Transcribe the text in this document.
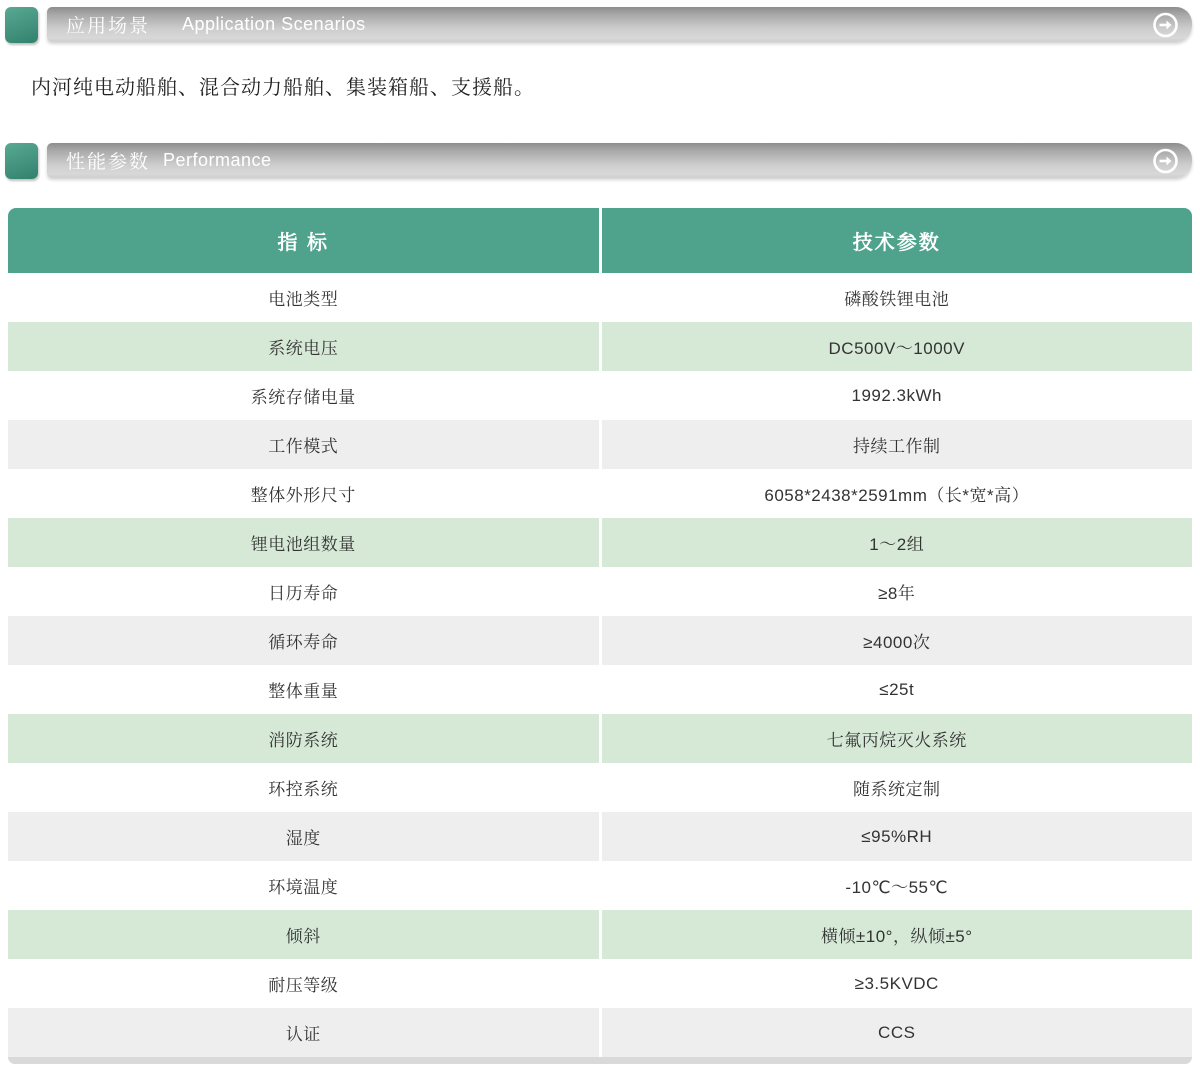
应用场景 Application Scenarios
内河纯电动船舶、混合动力船舶、集装箱船、支援船。
性能参数 Performance
指 标	技术参数
电池类型	磷酸铁锂电池
系统电压	DC500V～1000V
系统存储电量	1992.3kWh
工作模式	持续工作制
整体外形尺寸	6058*2438*2591mm（长*宽*高）
锂电池组数量	1～2组
日历寿命	≥8年
循环寿命	≥4000次
整体重量	≤25t
消防系统	七氟丙烷灭火系统
环控系统	随系统定制
湿度	≤95%RH
环境温度	-10℃～55℃
倾斜	横倾±10°，纵倾±5°
耐压等级	≥3.5KVDC
认证	CCS
